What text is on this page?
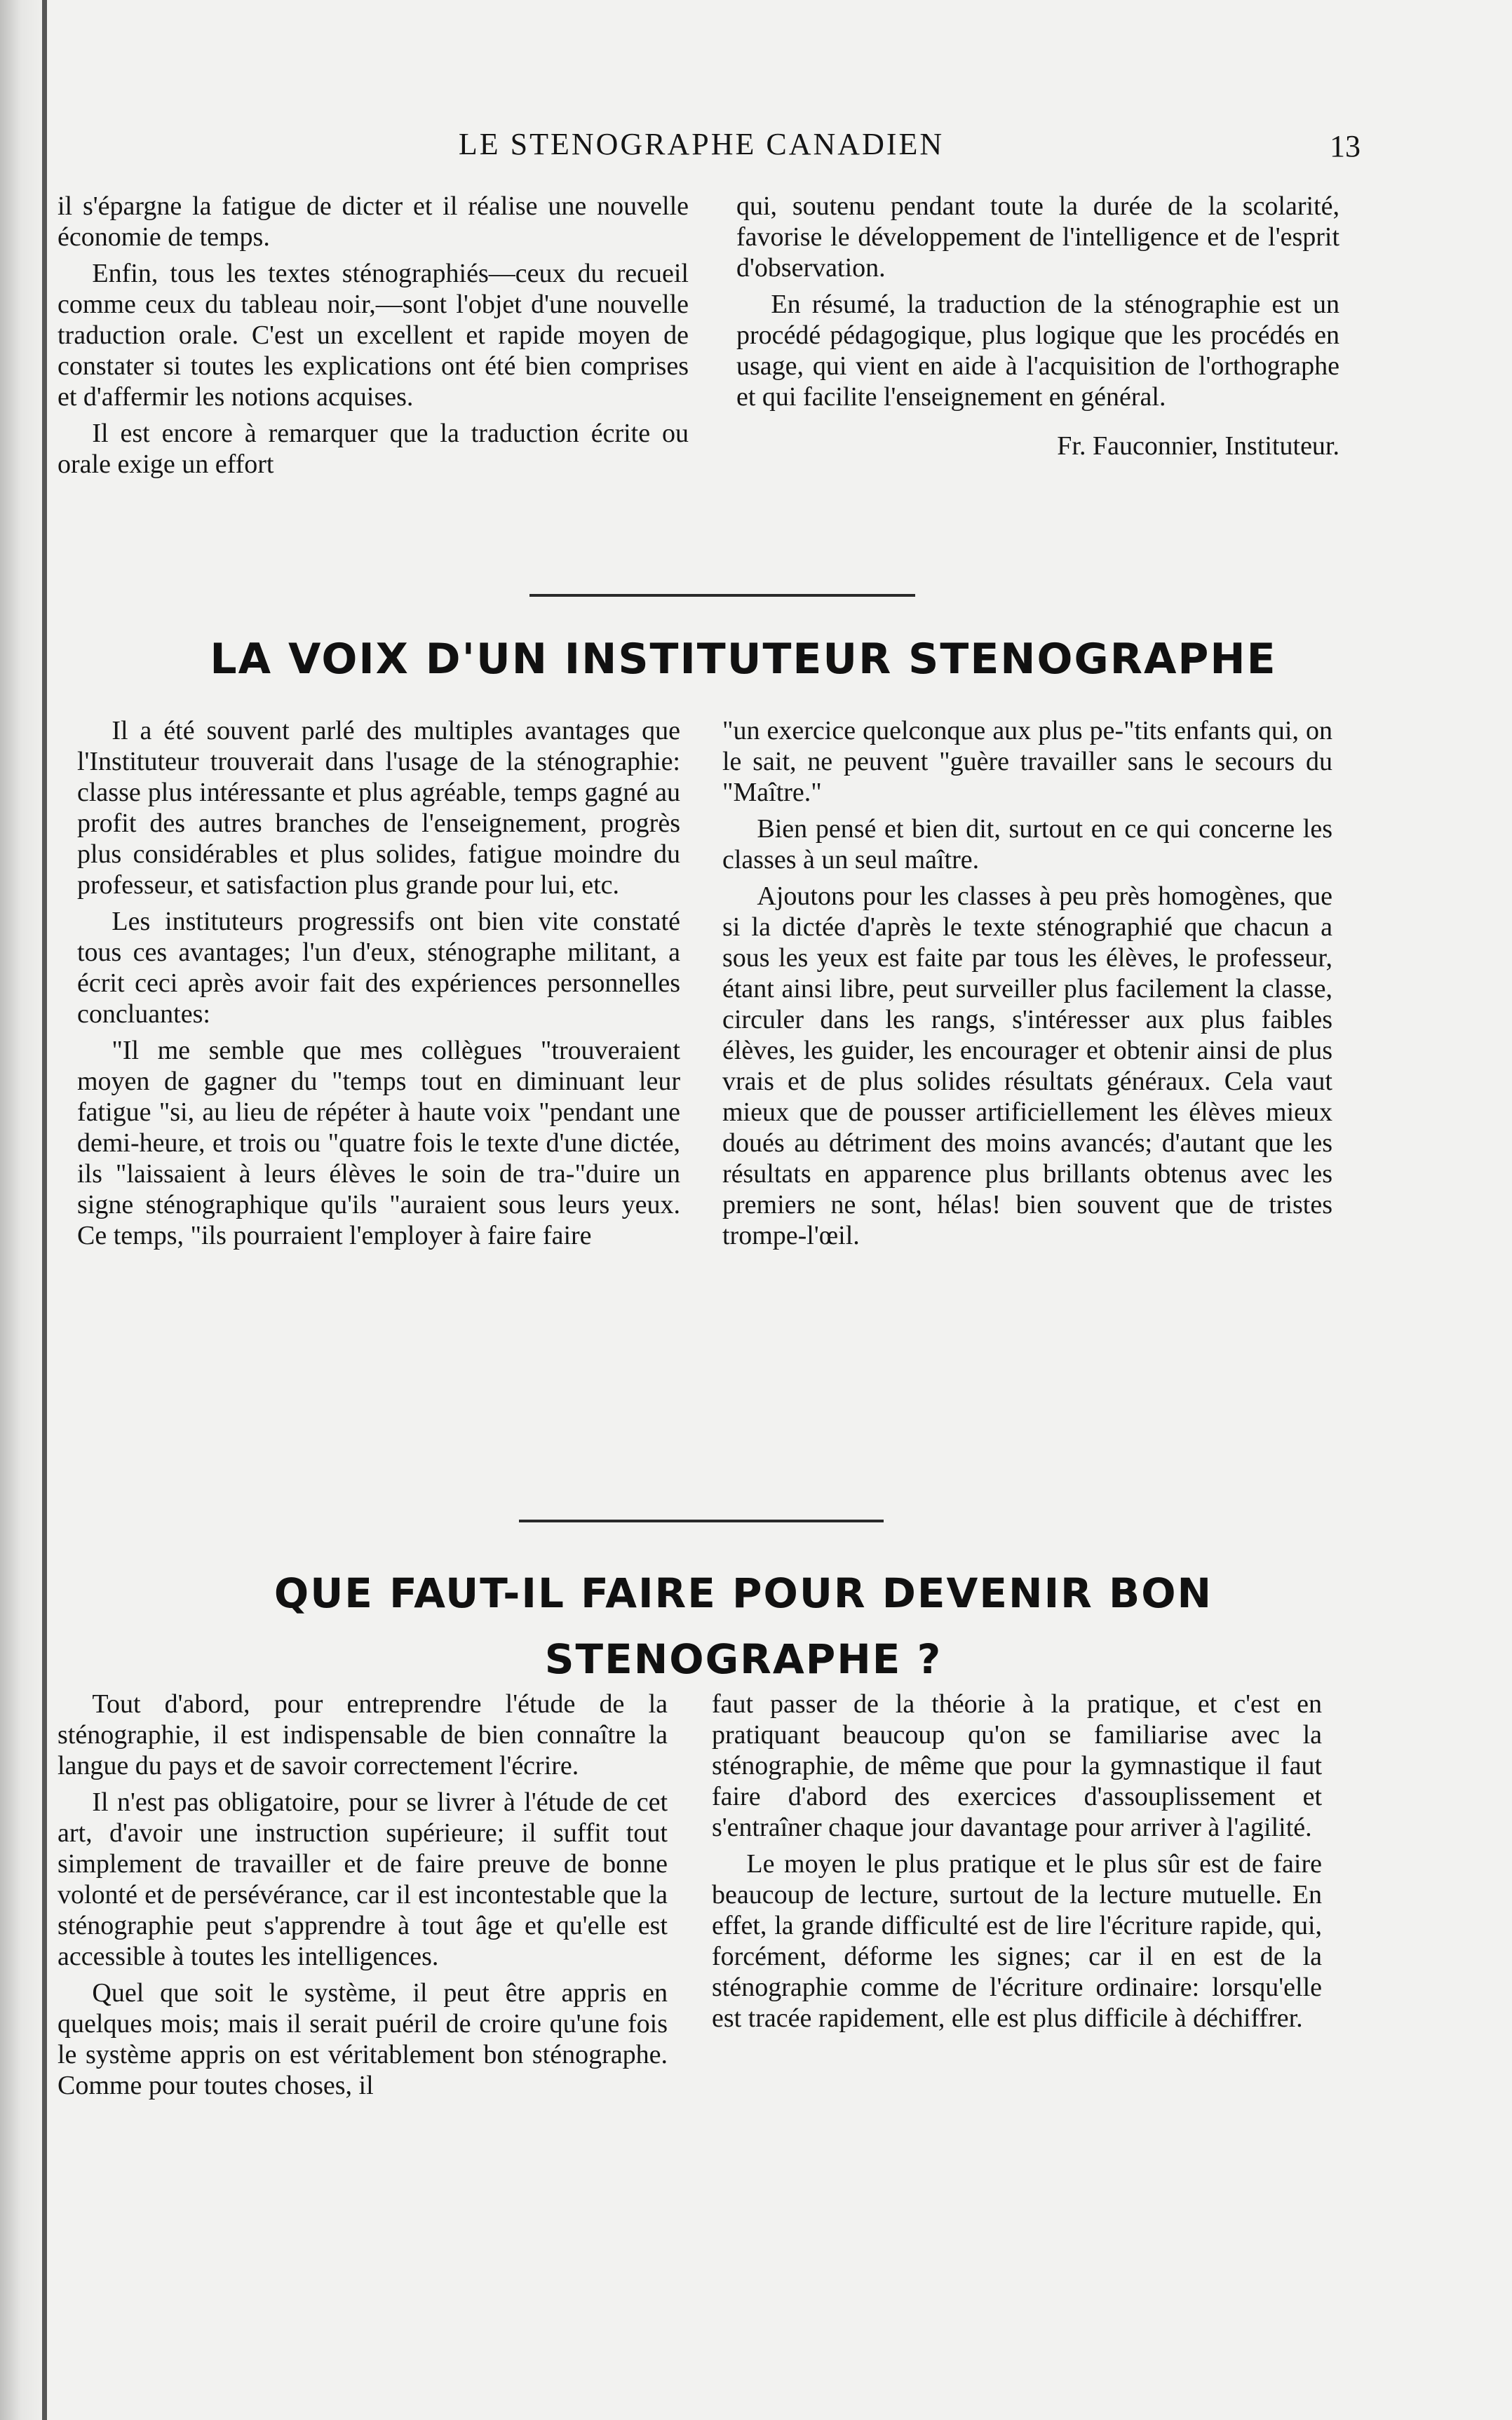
LE STENOGRAPHE CANADIEN	13

il s'épargne la fatigue de dicter et il réalise une nouvelle économie de temps.

Enfin, tous les textes sténographiés—ceux du recueil comme ceux du tableau noir,—sont l'objet d'une nouvelle traduction orale. C'est un excellent et rapide moyen de constater si toutes les explications ont été bien comprises et d'affermir les notions acquises.

Il est encore à remarquer que la traduction écrite ou orale exige un effort

qui, soutenu pendant toute la durée de la scolarité, favorise le développement de l'intelligence et de l'esprit d'observation.

En résumé, la traduction de la sténographie est un procédé pédagogique, plus logique que les procédés en usage, qui vient en aide à l'acquisition de l'orthographe et qui facilite l'enseignement en général.

Fr. Fauconnier, Instituteur.

LA VOIX D'UN INSTITUTEUR STENOGRAPHE

Il a été souvent parlé des multiples avantages que l'Instituteur trouverait dans l'usage de la sténographie: classe plus intéressante et plus agréable, temps gagné au profit des autres branches de l'enseignement, progrès plus considérables et plus solides, fatigue moindre du professeur, et satisfaction plus grande pour lui, etc.

Les instituteurs progressifs ont bien vite constaté tous ces avantages; l'un d'eux, sténographe militant, a écrit ceci après avoir fait des expériences personnelles concluantes:

"Il me semble que mes collègues "trouveraient moyen de gagner du "temps tout en diminuant leur fatigue "si, au lieu de répéter à haute voix "pendant une demi-heure, et trois ou "quatre fois le texte d'une dictée, ils "laissaient à leurs élèves le soin de tra-"duire un signe sténographique qu'ils "auraient sous leurs yeux. Ce temps, "ils pourraient l'employer à faire faire

"un exercice quelconque aux plus pe-"tits enfants qui, on le sait, ne peuvent "guère travailler sans le secours du "Maître."

Bien pensé et bien dit, surtout en ce qui concerne les classes à un seul maître.

Ajoutons pour les classes à peu près homogènes, que si la dictée d'après le texte sténographié que chacun a sous les yeux est faite par tous les élèves, le professeur, étant ainsi libre, peut surveiller plus facilement la classe, circuler dans les rangs, s'intéresser aux plus faibles élèves, les guider, les encourager et obtenir ainsi de plus vrais et de plus solides résultats généraux. Cela vaut mieux que de pousser artificiellement les élèves mieux doués au détriment des moins avancés; d'autant que les résultats en apparence plus brillants obtenus avec les premiers ne sont, hélas! bien souvent que de tristes trompe-l'œil.

QUE FAUT-IL FAIRE POUR DEVENIR BON
STENOGRAPHE ?

Tout d'abord, pour entreprendre l'étude de la sténographie, il est indispensable de bien connaître la langue du pays et de savoir correctement l'écrire.

Il n'est pas obligatoire, pour se livrer à l'étude de cet art, d'avoir une instruction supérieure; il suffit tout simplement de travailler et de faire preuve de bonne volonté et de persévérance, car il est incontestable que la sténographie peut s'apprendre à tout âge et qu'elle est accessible à toutes les intelligences.

Quel que soit le système, il peut être appris en quelques mois; mais il serait puéril de croire qu'une fois le système appris on est véritablement bon sténographe. Comme pour toutes choses, il

faut passer de la théorie à la pratique, et c'est en pratiquant beaucoup qu'on se familiarise avec la sténographie, de même que pour la gymnastique il faut faire d'abord des exercices d'assouplissement et s'entraîner chaque jour davantage pour arriver à l'agilité.

Le moyen le plus pratique et le plus sûr est de faire beaucoup de lecture, surtout de la lecture mutuelle. En effet, la grande difficulté est de lire l'écriture rapide, qui, forcément, déforme les signes; car il en est de la sténographie comme de l'écriture ordinaire: lorsqu'elle est tracée rapidement, elle est plus difficile à déchiffrer.
